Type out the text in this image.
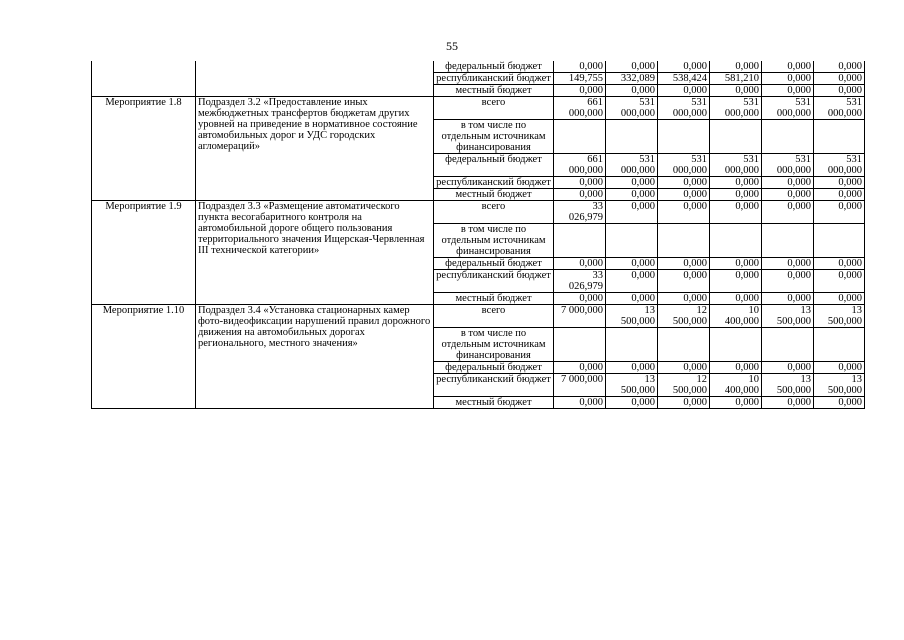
55
		федеральный бюджет	0,000	0,000	0,000	0,000	0,000	0,000
		республиканский бюджет	149,755	332,089	538,424	581,210	0,000	0,000
		местный бюджет	0,000	0,000	0,000	0,000	0,000	0,000
Мероприятие 1.8	Подраздел 3.2 «Предоставление иных межбюджетных трансфертов бюджетам других уровней на приведение в нормативное состояние автомобильных дорог и УДС городских агломераций»	всего	661 000,000	531 000,000	531 000,000	531 000,000	531 000,000	531 000,000
		в том числе по отдельным источникам финансирования						
		федеральный бюджет	661 000,000	531 000,000	531 000,000	531 000,000	531 000,000	531 000,000
		республиканский бюджет	0,000	0,000	0,000	0,000	0,000	0,000
		местный бюджет	0,000	0,000	0,000	0,000	0,000	0,000
Мероприятие 1.9	Подраздел 3.3 «Размещение автоматического пункта весогабаритного контроля на автомобильной дороге общего пользования территориального значения Ищерская-Червленная III технической категории»	всего	33 026,979	0,000	0,000	0,000	0,000	0,000
		в том числе по отдельным источникам финансирования						
		федеральный бюджет	0,000	0,000	0,000	0,000	0,000	0,000
		республиканский бюджет	33 026,979	0,000	0,000	0,000	0,000	0,000
		местный бюджет	0,000	0,000	0,000	0,000	0,000	0,000
Мероприятие 1.10	Подраздел 3.4 «Установка стационарных камер фото-видеофиксации нарушений правил дорожного движения на автомобильных дорогах регионального, местного значения»	всего	7 000,000	13 500,000	12 500,000	10 400,000	13 500,000	13 500,000
		в том числе по отдельным источникам финансирования						
		федеральный бюджет	0,000	0,000	0,000	0,000	0,000	0,000
		республиканский бюджет	7 000,000	13 500,000	12 500,000	10 400,000	13 500,000	13 500,000
		местный бюджет	0,000	0,000	0,000	0,000	0,000	0,000
